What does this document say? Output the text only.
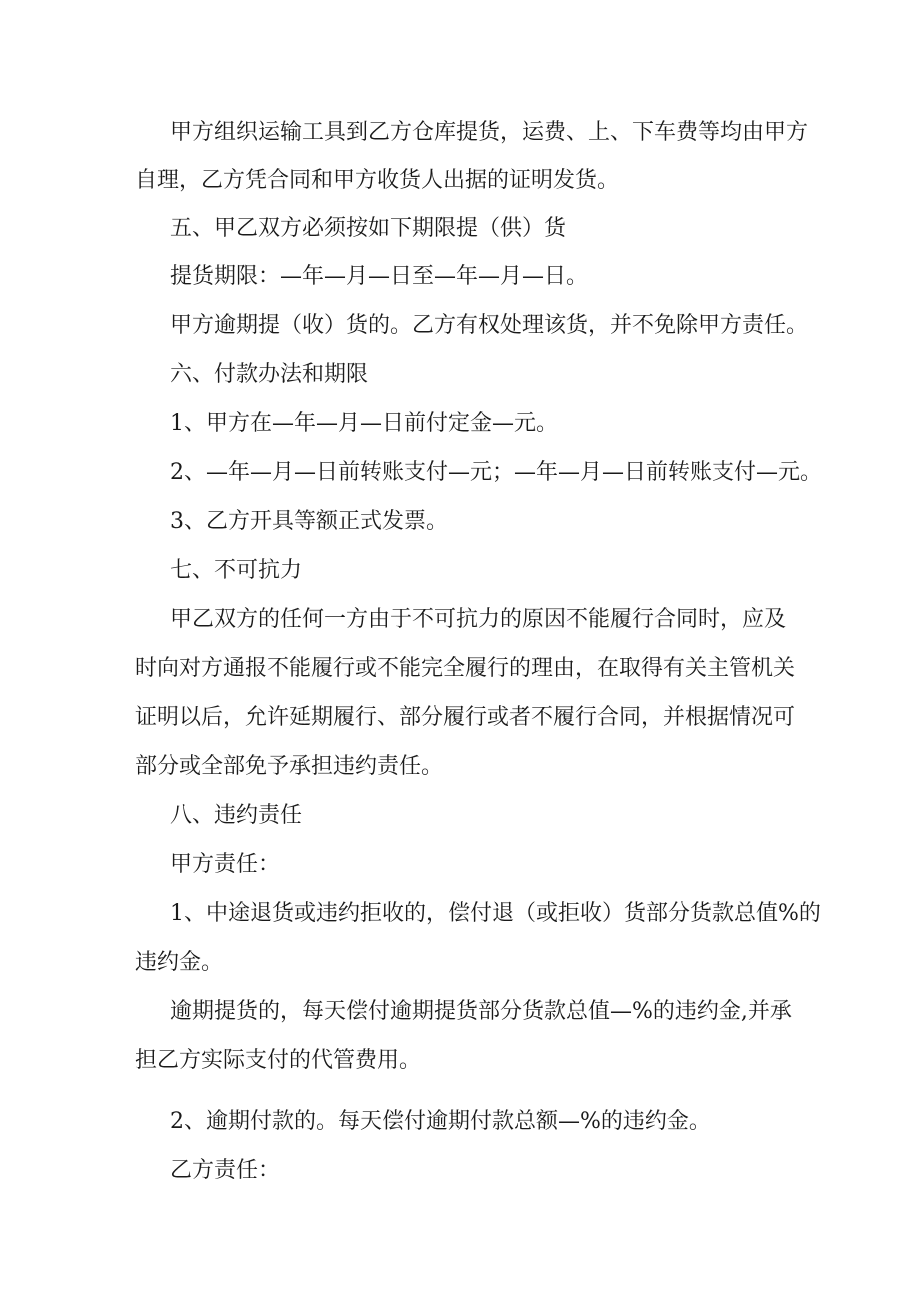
甲方组织运输工具到乙方仓库提货，运费、上、下车费等均由甲方

自理，乙方凭合同和甲方收货人出据的证明发货。

五、甲乙双方必须按如下期限提（供）货

提货期限：—年—月—日至—年—月—日。

甲方逾期提（收）货的。乙方有权处理该货，并不免除甲方责任。

六、付款办法和期限

1、甲方在—年—月—日前付定金—元。

2、—年—月—日前转账支付—元；—年—月—日前转账支付—元。

3、乙方开具等额正式发票。

七、不可抗力

甲乙双方的任何一方由于不可抗力的原因不能履行合同时，应及

时向对方通报不能履行或不能完全履行的理由，在取得有关主管机关

证明以后，允许延期履行、部分履行或者不履行合同，并根据情况可

部分或全部免予承担违约责任。

八、违约责任

甲方责任：

1、中途退货或违约拒收的，偿付退（或拒收）货部分货款总值%的

违约金。

逾期提货的，每天偿付逾期提货部分货款总值—%的违约金,并承

担乙方实际支付的代管费用。

2、逾期付款的。每天偿付逾期付款总额—%的违约金。

乙方责任：
